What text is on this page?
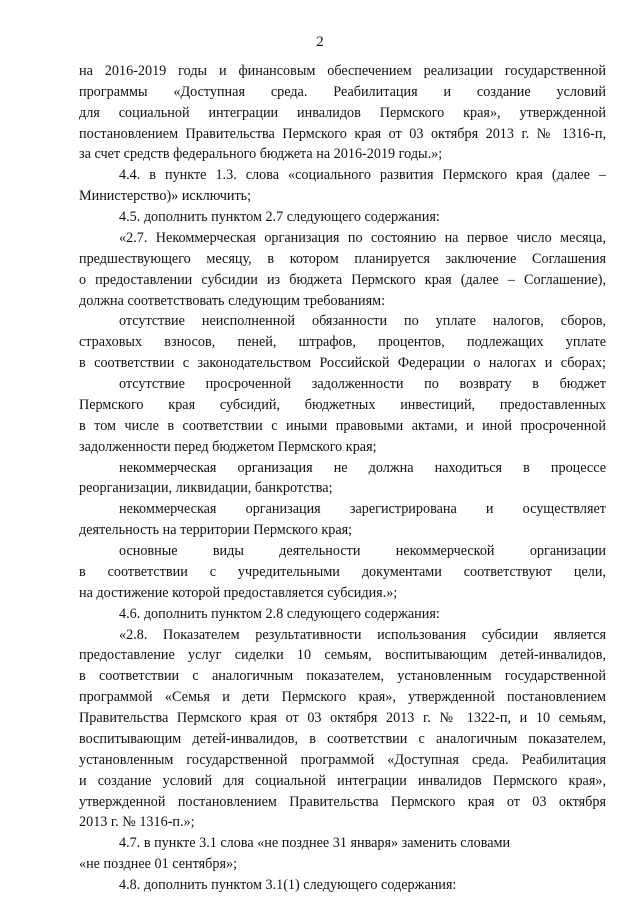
2
на 2016-2019 годы и финансовым обеспечением реализации государственной
программы «Доступная среда. Реабилитация и создание условий
для социальной интеграции инвалидов Пермского края», утвержденной
постановлением Правительства Пермского края от 03 октября 2013 г. № 1316-п,
за счет средств федерального бюджета на 2016-2019 годы.»;
4.4. в пункте 1.3. слова «социального развития Пермского края (далее –
Министерство)» исключить;
4.5. дополнить пунктом 2.7 следующего содержания:
«2.7. Некоммерческая организация по состоянию на первое число месяца,
предшествующего месяцу, в котором планируется заключение Соглашения
о предоставлении субсидии из бюджета Пермского края (далее – Соглашение),
должна соответствовать следующим требованиям:
отсутствие неисполненной обязанности по уплате налогов, сборов,
страховых взносов, пеней, штрафов, процентов, подлежащих уплате
в соответствии с законодательством Российской Федерации о налогах и сборах;
отсутствие просроченной задолженности по возврату в бюджет
Пермского края субсидий, бюджетных инвестиций, предоставленных
в том числе в соответствии с иными правовыми актами, и иной просроченной
задолженности перед бюджетом Пермского края;
некоммерческая организация не должна находиться в процессе
реорганизации, ликвидации, банкротства;
некоммерческая организация зарегистрирована и осуществляет
деятельность на территории Пермского края;
основные виды деятельности некоммерческой организации
в соответствии с учредительными документами соответствуют цели,
на достижение которой предоставляется субсидия.»;
4.6. дополнить пунктом 2.8 следующего содержания:
«2.8. Показателем результативности использования субсидии является
предоставление услуг сиделки 10 семьям, воспитывающим детей-инвалидов,
в соответствии с аналогичным показателем, установленным государственной
программой «Семья и дети Пермского края», утвержденной постановлением
Правительства Пермского края от 03 октября 2013 г. № 1322-п, и 10 семьям,
воспитывающим детей-инвалидов, в соответствии с аналогичным показателем,
установленным государственной программой «Доступная среда. Реабилитация
и создание условий для социальной интеграции инвалидов Пермского края»,
утвержденной постановлением Правительства Пермского края от 03 октября
2013 г. № 1316-п.»;
4.7. в пункте 3.1 слова «не позднее 31 января» заменить словами
«не позднее 01 сентября»;
4.8. дополнить пунктом 3.1(1) следующего содержания:
